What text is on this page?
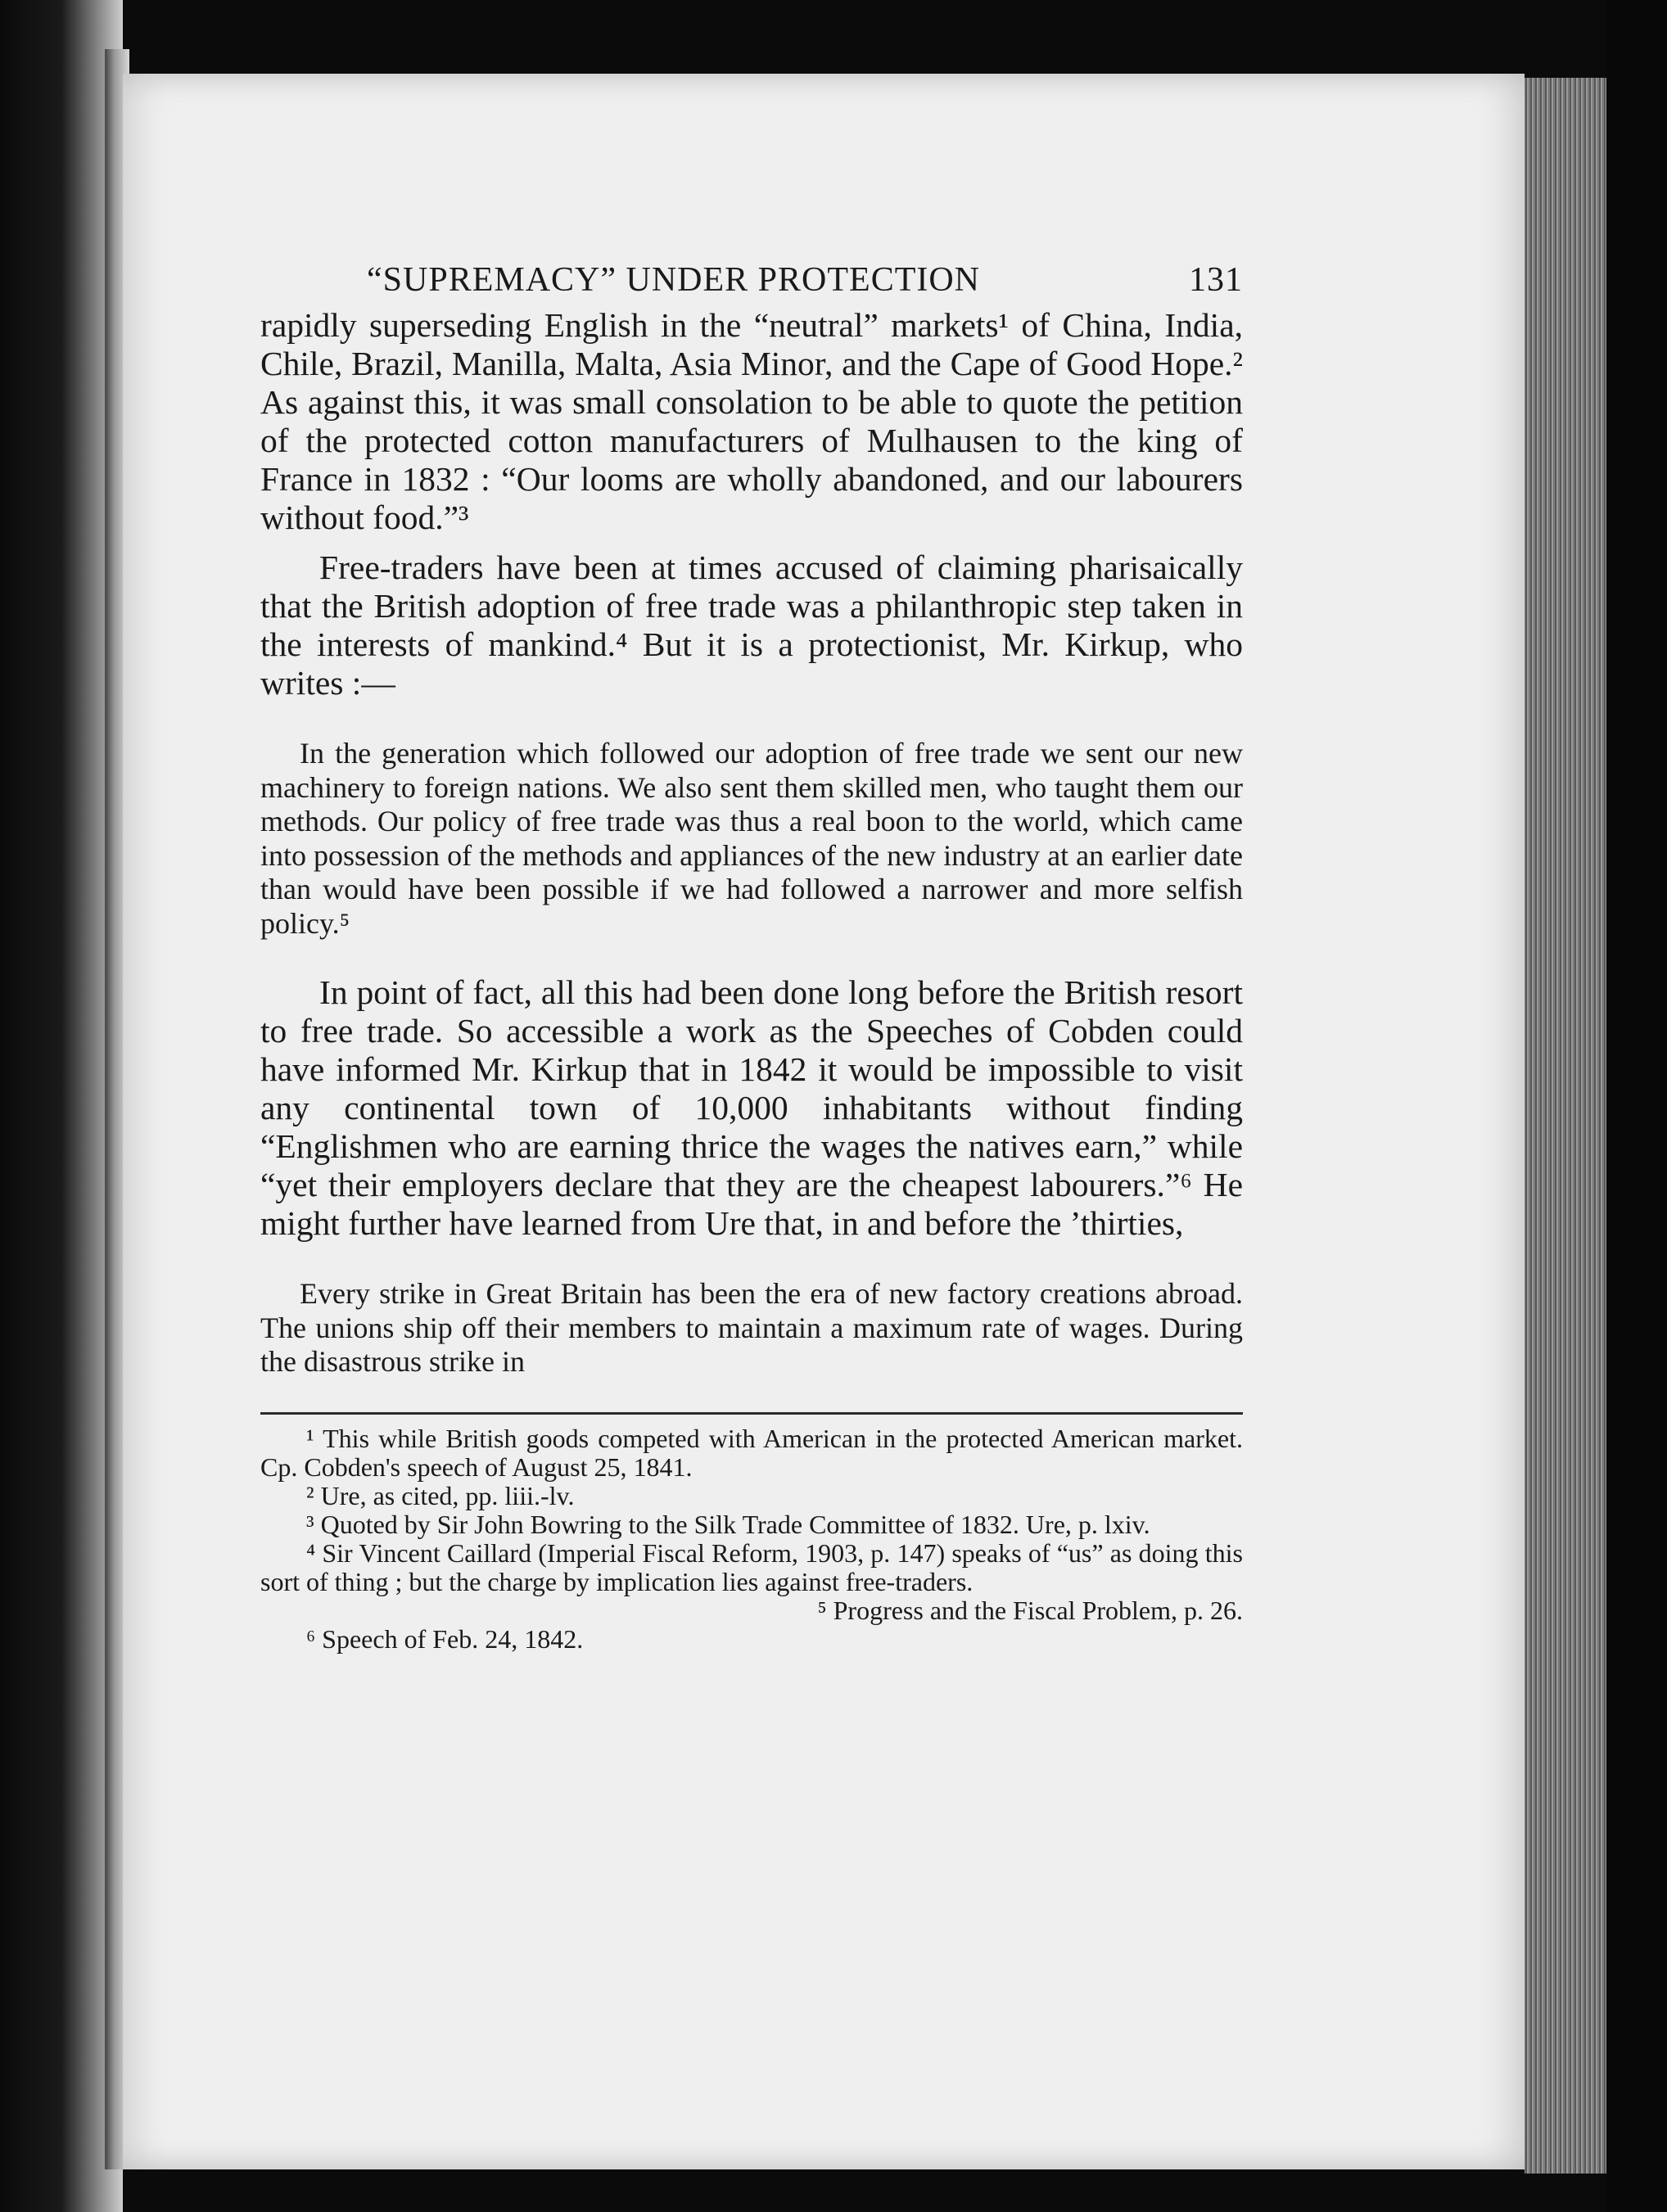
“SUPREMACY” UNDER PROTECTION	131

rapidly superseding English in the “neutral” markets¹ of China, India, Chile, Brazil, Manilla, Malta, Asia Minor, and the Cape of Good Hope.² As against this, it was small consolation to be able to quote the petition of the protected cotton manufacturers of Mulhausen to the king of France in 1832 : “Our looms are wholly abandoned, and our labourers without food.”³

Free-traders have been at times accused of claiming pharisaically that the British adoption of free trade was a philanthropic step taken in the interests of mankind.⁴ But it is a protectionist, Mr. Kirkup, who writes :—

In the generation which followed our adoption of free trade we sent our new machinery to foreign nations. We also sent them skilled men, who taught them our methods. Our policy of free trade was thus a real boon to the world, which came into possession of the methods and appliances of the new industry at an earlier date than would have been possible if we had followed a narrower and more selfish policy.⁵

In point of fact, all this had been done long before the British resort to free trade. So accessible a work as the Speeches of Cobden could have informed Mr. Kirkup that in 1842 it would be impossible to visit any continental town of 10,000 inhabitants without finding “Englishmen who are earning thrice the wages the natives earn,” while “yet their employers declare that they are the cheapest labourers.”⁶ He might further have learned from Ure that, in and before the ’thirties,

Every strike in Great Britain has been the era of new factory creations abroad. The unions ship off their members to maintain a maximum rate of wages. During the disastrous strike in

¹ This while British goods competed with American in the protected American market. Cp. Cobden's speech of August 25, 1841.

² Ure, as cited, pp. liii.-lv.

³ Quoted by Sir John Bowring to the Silk Trade Committee of 1832. Ure, p. lxiv.

⁴ Sir Vincent Caillard (Imperial Fiscal Reform, 1903, p. 147) speaks of “us” as doing this sort of thing ; but the charge by implication lies against free-traders.

⁵ Progress and the Fiscal Problem, p. 26.

⁶ Speech of Feb. 24, 1842.
